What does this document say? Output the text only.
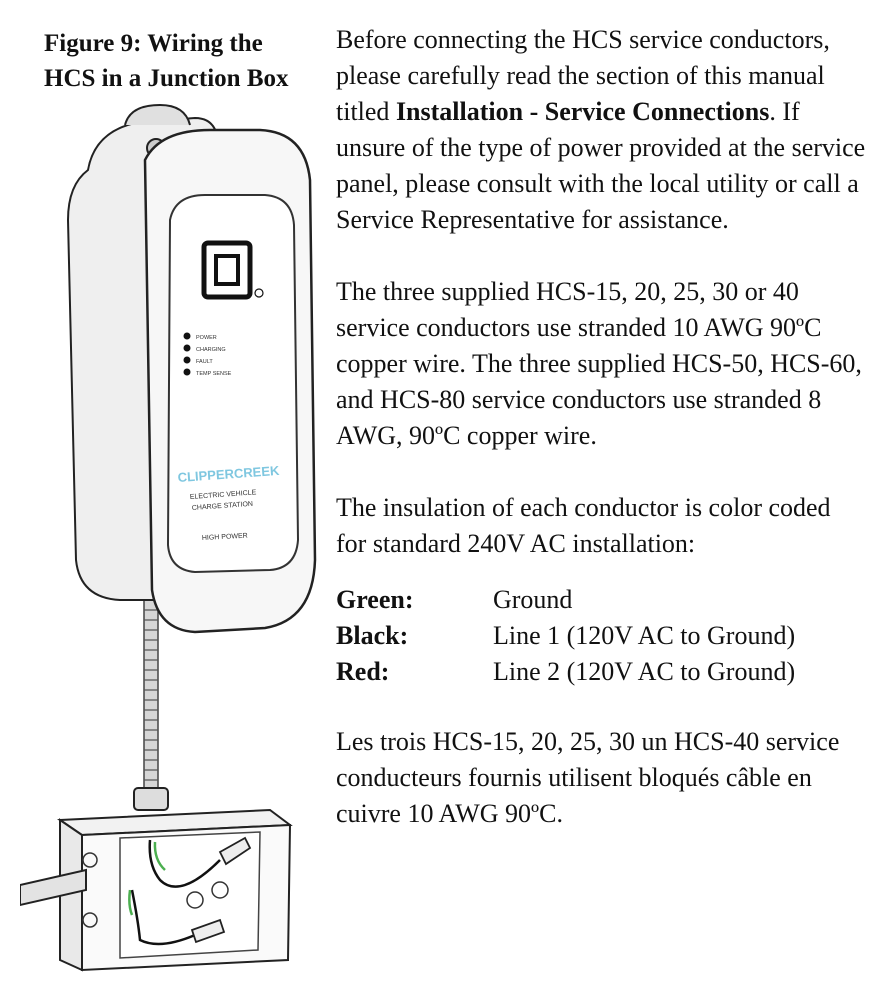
Figure 9: Wiring the
HCS in a Junction Box
POWER
CHARGING
FAULT
TEMP SENSE
CLIPPERCREEK
ELECTRIC VEHICLE
CHARGE STATION
HIGH POWER

Before connecting the HCS service conductors, please carefully read the section of this manual titled Installation - Service Connections. If unsure of the type of power provided at the service panel, please consult with the local utility or call a Service Representative for assistance.

The three supplied HCS-15, 20, 25, 30 or 40 service conductors use stranded 10 AWG 90ºC copper wire. The three supplied HCS-50, HCS-60, and HCS-80 service conductors use stranded 8 AWG, 90ºC copper wire.

The insulation of each conductor is color coded for standard 240V AC installation:

Green:	Ground
Black:	Line 1 (120V AC to Ground)
Red:	Line 2 (120V AC to Ground)

Les trois HCS-15, 20, 25, 30 un HCS-40 service conducteurs fournis utilisent bloqués câble en cuivre 10 AWG 90ºC.
